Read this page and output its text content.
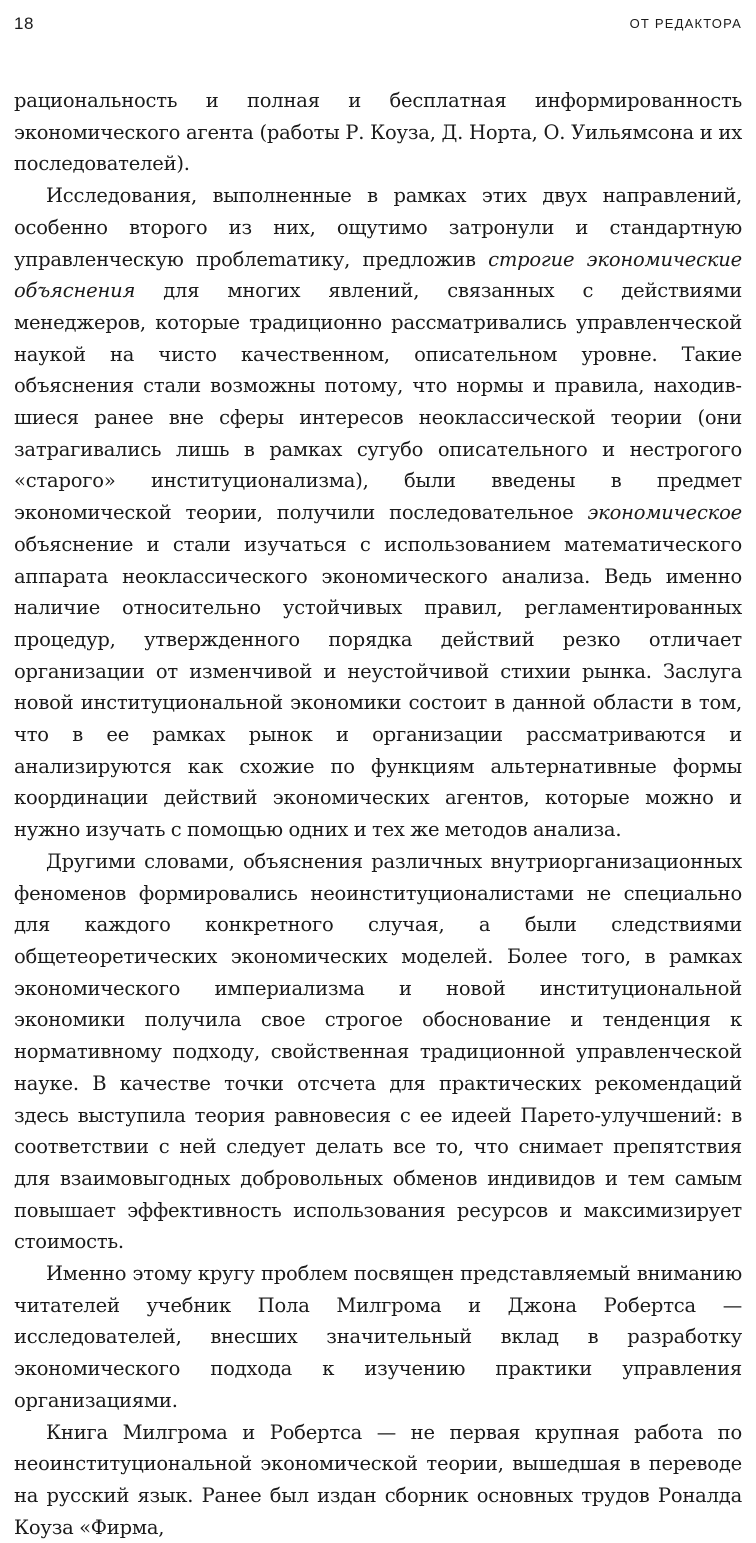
18	ОТ РЕДАКТОРА

рациональность и полная и бесплатная информированность экономического агента (работы Р. Коуза, Д. Норта, О. Уильямсона и их последователей).

Исследования, выполненные в рамках этих двух направлений, особенно второго из них, ощутимо затронули и стандартную управленческую проблеmатику, предложив строгие экономические объяснения для многих явлений, связанных с действиями менеджеров, которые традиционно рассматривались управленческой наукой на чисто качественном, описательном уровне. Такие объяснения стали возможны потому, что нормы и правила, находившиеся ранее вне сферы интересов неоклассической теории (они затрагивались лишь в рамках сугубо описательного и нестрогого «старого» институционализма), были введены в предмет экономической теории, получили последовательное экономическое объяснение и стали изучаться с использованием математического аппарата неоклассического экономического анализа. Ведь именно наличие относительно устойчивых правил, регламентированных процедур, утвержденного порядка действий резко отличает организации от изменчивой и неустойчивой стихии рынка. Заслуга новой институциональной экономики состоит в данной области в том, что в ее рамках рынок и организации рассматриваются и анализируются как схожие по функциям альтернативные формы координации действий экономических агентов, которые можно и нужно изучать с помощью одних и тех же методов анализа.

Другими словами, объяснения различных внутриорганизационных феноменов формировались неоинституционалистами не специально для каждого конкретного случая, а были следствиями общетеоретических экономических моделей. Более того, в рамках экономического империализма и новой институциональной экономики получила свое строгое обоснование и тенденция к нормативному подходу, свойственная традиционной управленческой науке. В качестве точки отсчета для практических рекомендаций здесь выступила теория равновесия с ее идеей Парето-улучшений: в соответствии с ней следует делать все то, что снимает препятствия для взаимовыгодных добровольных обменов индивидов и тем самым повышает эффективность использования ресурсов и максимизирует стоимость.

Именно этому кругу проблем посвящен представляемый вниманию читателей учебник Пола Милгрома и Джона Робертса — исследователей, внесших значительный вклад в разработку экономического подхода к изучению практики управления организациями.

Книга Милгрома и Робертса — не первая крупная работа по неоинституциональной экономической теории, вышедшая в переводе на русский язык. Ранее был издан сборник основных трудов Роналда Коуза «Фирма,
